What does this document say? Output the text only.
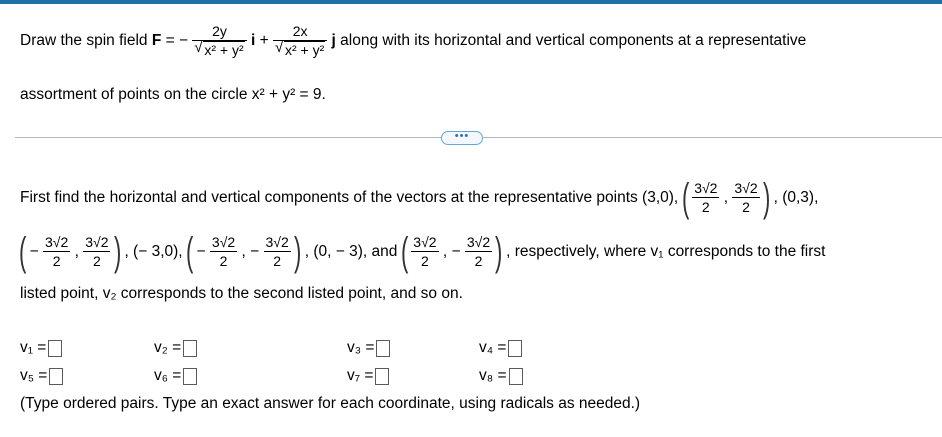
Draw the spin field F = − $\frac{2y}{\text{√ x² + y²}}$ $i + \frac{2x}{\text{√ x² + y²}}$ j along with its horizontal and vertical components at a representative
assortment of points on the circle x² + y² = 9.
•••
First find the horizontal and vertical components of the vectors at the representative points (3,0), ( $\frac{3√2}{2}$ , $\frac{3√2}{2}$ ) , (0,3),
( − $\frac{3√2}{2}$ , $\frac{3√2}{2}$ ) , (− 3,0), ( − $\frac{3√2}{2}$ , − $\frac{3√2}{2}$ ) , (0, − 3), and ( $\frac{3√2}{2}$ , − $\frac{3√2}{2}$ ) , respectively, where v₁ corresponds to the first
listed point, v₂ corresponds to the second listed point, and so on.
v₁ =	v₂ =	v₃ =	v₄ =
v₅ =	v₆ =	v₇ =	v₈ =
(Type ordered pairs. Type an exact answer for each coordinate, using radicals as needed.)
